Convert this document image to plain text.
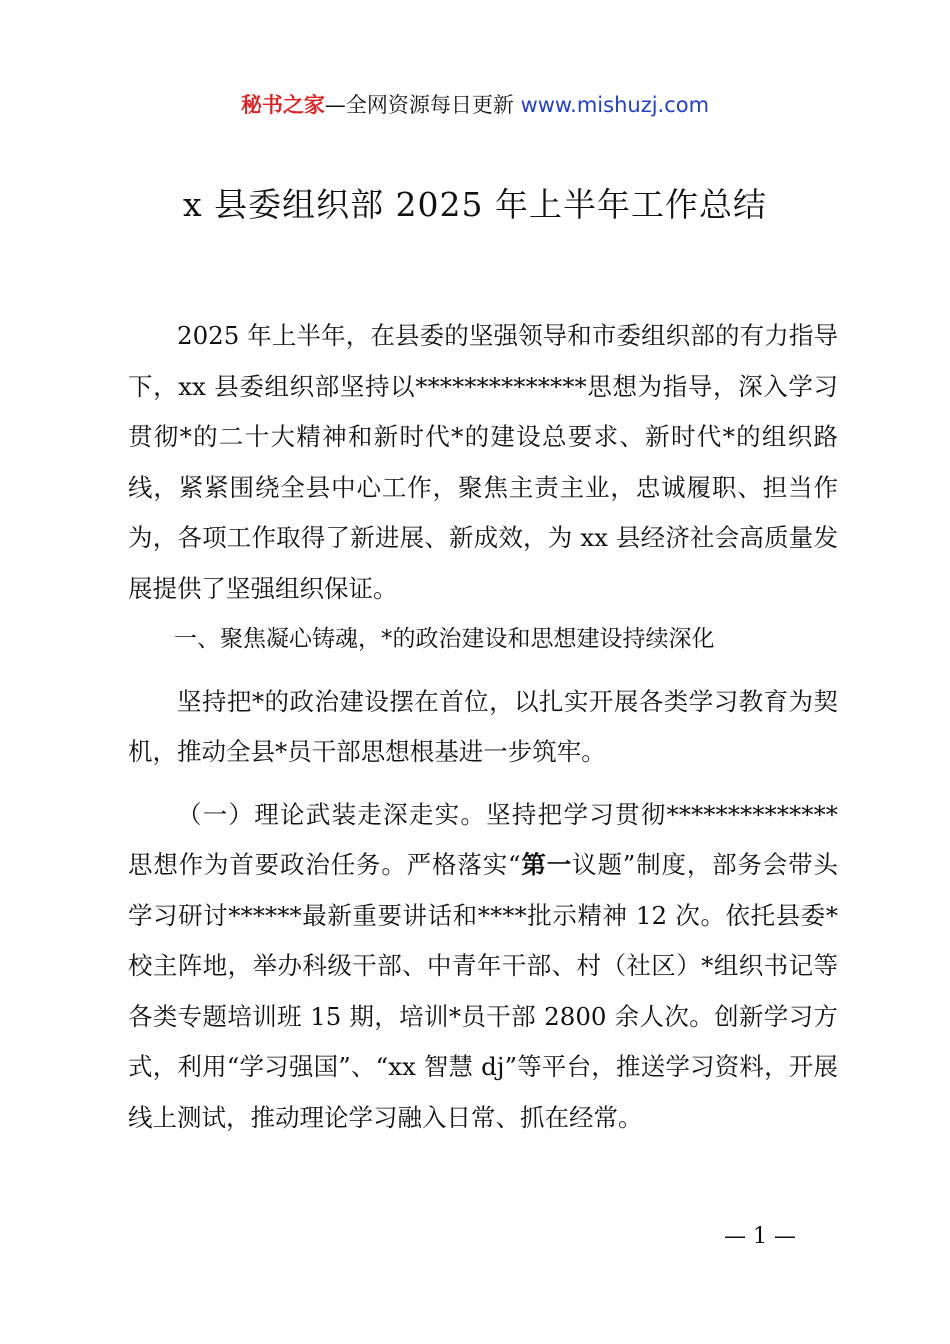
秘书之家—全网资源每日更新 www.mishuzj.com
x 县委组织部 2025 年上半年工作总结

2025 年上半年，在县委的坚强领导和市委组织部的有力指导下，xx 县委组织部坚持以**************思想为指导，深入学习贯彻*的二十大精神和新时代*的建设总要求、新时代*的组织路线，紧紧围绕全县中心工作，聚焦主责主业，忠诚履职、担当作为，各项工作取得了新进展、新成效，为 xx 县经济社会高质量发展提供了坚强组织保证。

一、聚焦凝心铸魂，*的政治建设和思想建设持续深化

坚持把*的政治建设摆在首位，以扎实开展各类学习教育为契机，推动全县*员干部思想根基进一步筑牢。

（一）理论武装走深走实。坚持把学习贯彻**************思想作为首要政治任务。严格落实“第一议题”制度，部务会带头学习研讨******最新重要讲话和****批示精神 12 次。依托县委*校主阵地，举办科级干部、中青年干部、村（社区）*组织书记等各类专题培训班 15 期，培训*员干部 2800 余人次。创新学习方式，利用“学习强国”、“xx 智慧 dj”等平台，推送学习资料，开展线上测试，推动理论学习融入日常、抓在经常。

— 1 —
